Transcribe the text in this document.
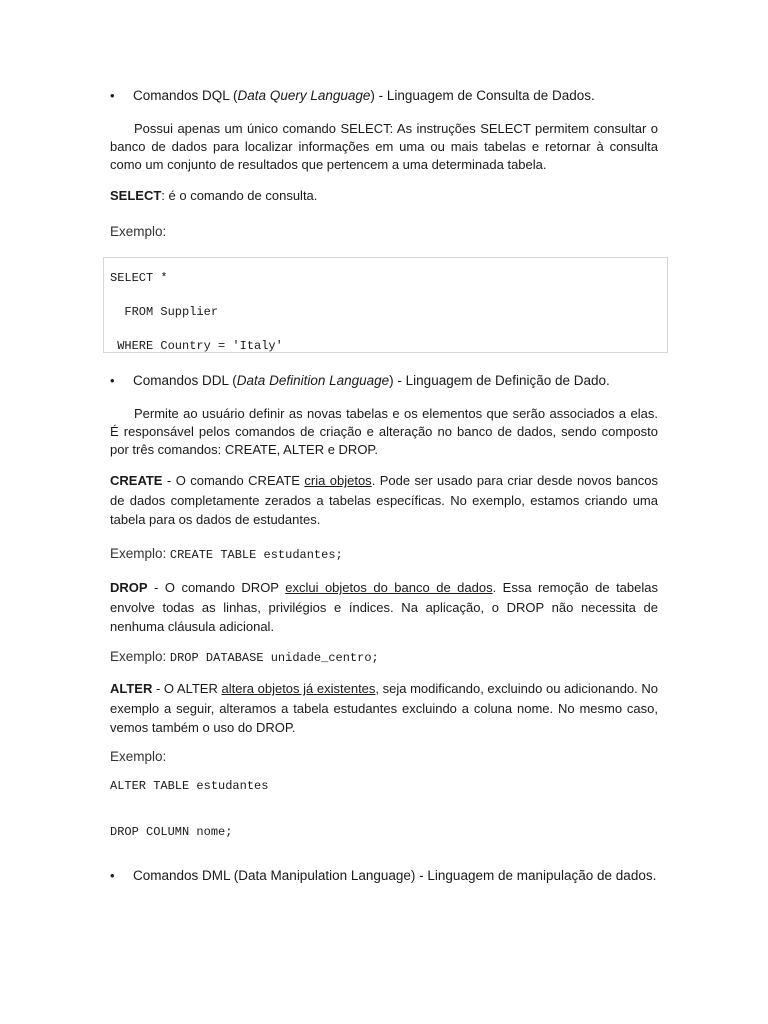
•
Comandos DQL (Data Query Language) - Linguagem de Consulta de Dados.

Possui apenas um único comando SELECT: As instruções SELECT permitem consultar o banco de dados para localizar informações em uma ou mais tabelas e retornar à consulta como um conjunto de resultados que pertencem a uma determinada tabela.

SELECT: é o comando de consulta.

Exemplo:

SELECT *
FROM Supplier
WHERE Country = 'Italy'
•
Comandos DDL (Data Definition Language) - Linguagem de Definição de Dado.

Permite ao usuário definir as novas tabelas e os elementos que serão associados a elas. É responsável pelos comandos de criação e alteração no banco de dados, sendo composto por três comandos: CREATE, ALTER e DROP.

CREATE - O comando CREATE cria objetos. Pode ser usado para criar desde novos bancos de dados completamente zerados a tabelas específicas. No exemplo, estamos criando uma tabela para os dados de estudantes.

Exemplo: CREATE TABLE estudantes;

DROP - O comando DROP exclui objetos do banco de dados. Essa remoção de tabelas envolve todas as linhas, privilégios e índices. Na aplicação, o DROP não necessita de nenhuma cláusula adicional.

Exemplo: DROP DATABASE unidade_centro;

ALTER - O ALTER altera objetos já existentes, seja modificando, excluindo ou adicionando. No exemplo a seguir, alteramos a tabela estudantes excluindo a coluna nome. No mesmo caso, vemos também o uso do DROP.

Exemplo:

ALTER TABLE estudantes

DROP COLUMN nome;

•
Comandos DML (Data Manipulation Language) - Linguagem de manipulação de dados.
